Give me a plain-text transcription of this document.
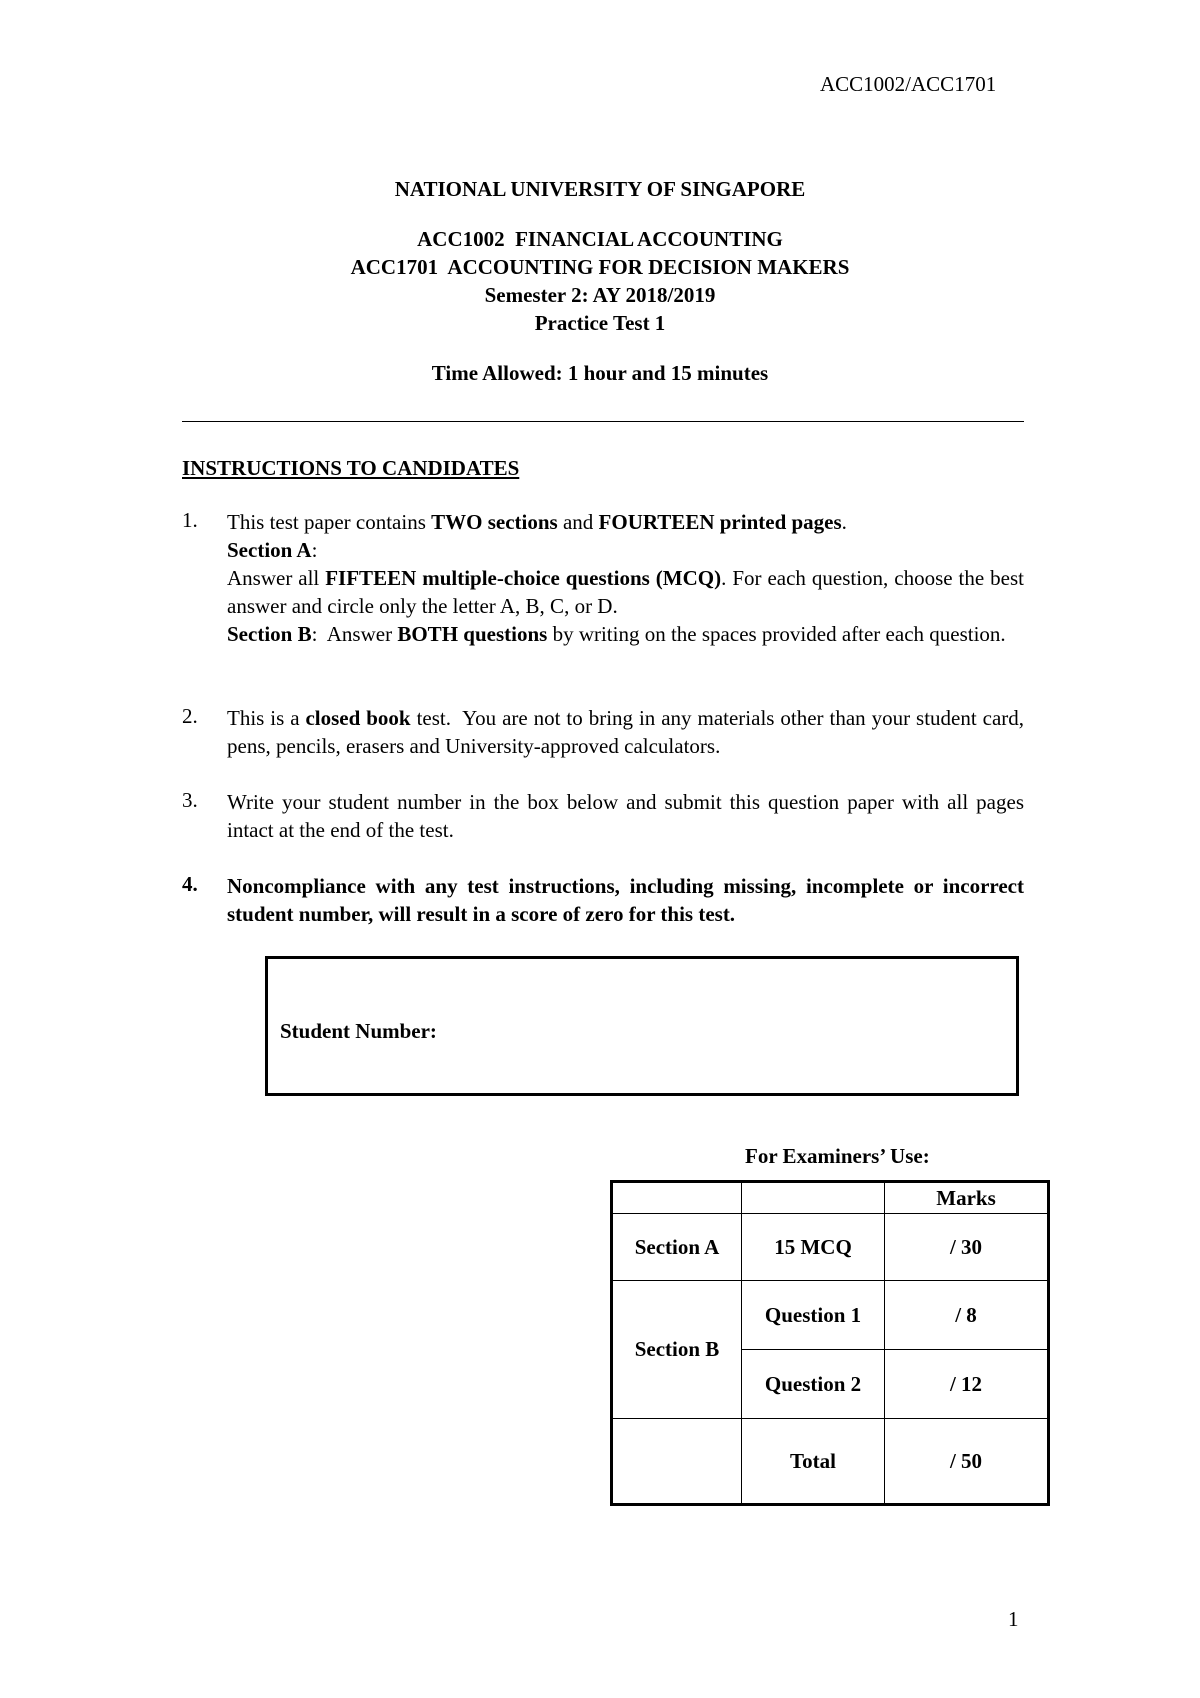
ACC1002/ACC1701
NATIONAL UNIVERSITY OF SINGAPORE
ACC1002  FINANCIAL ACCOUNTING
ACC1701  ACCOUNTING FOR DECISION MAKERS
Semester 2: AY 2018/2019
Practice Test 1
Time Allowed: 1 hour and 15 minutes
INSTRUCTIONS TO CANDIDATES
1. This test paper contains TWO sections and FOURTEEN printed pages.

Section A:

Answer all FIFTEEN multiple-choice questions (MCQ). For each question, choose the best answer and circle only the letter A, B, C, or D.

Section B:  Answer BOTH questions by writing on the spaces provided after each question.

2. This is a closed book test.  You are not to bring in any materials other than your student card, pens, pencils, erasers and University-approved calculators.

3. Write your student number in the box below and submit this question paper with all pages intact at the end of the test.

4. Noncompliance with any test instructions, including missing, incomplete or incorrect student number, will result in a score of zero for this test.

Student Number:
For Examiners’ Use:
		Marks
Section A	15 MCQ	/ 30
Section B	Question 1	/ 8
	Question 2	/ 12
	Total	/ 50
1
